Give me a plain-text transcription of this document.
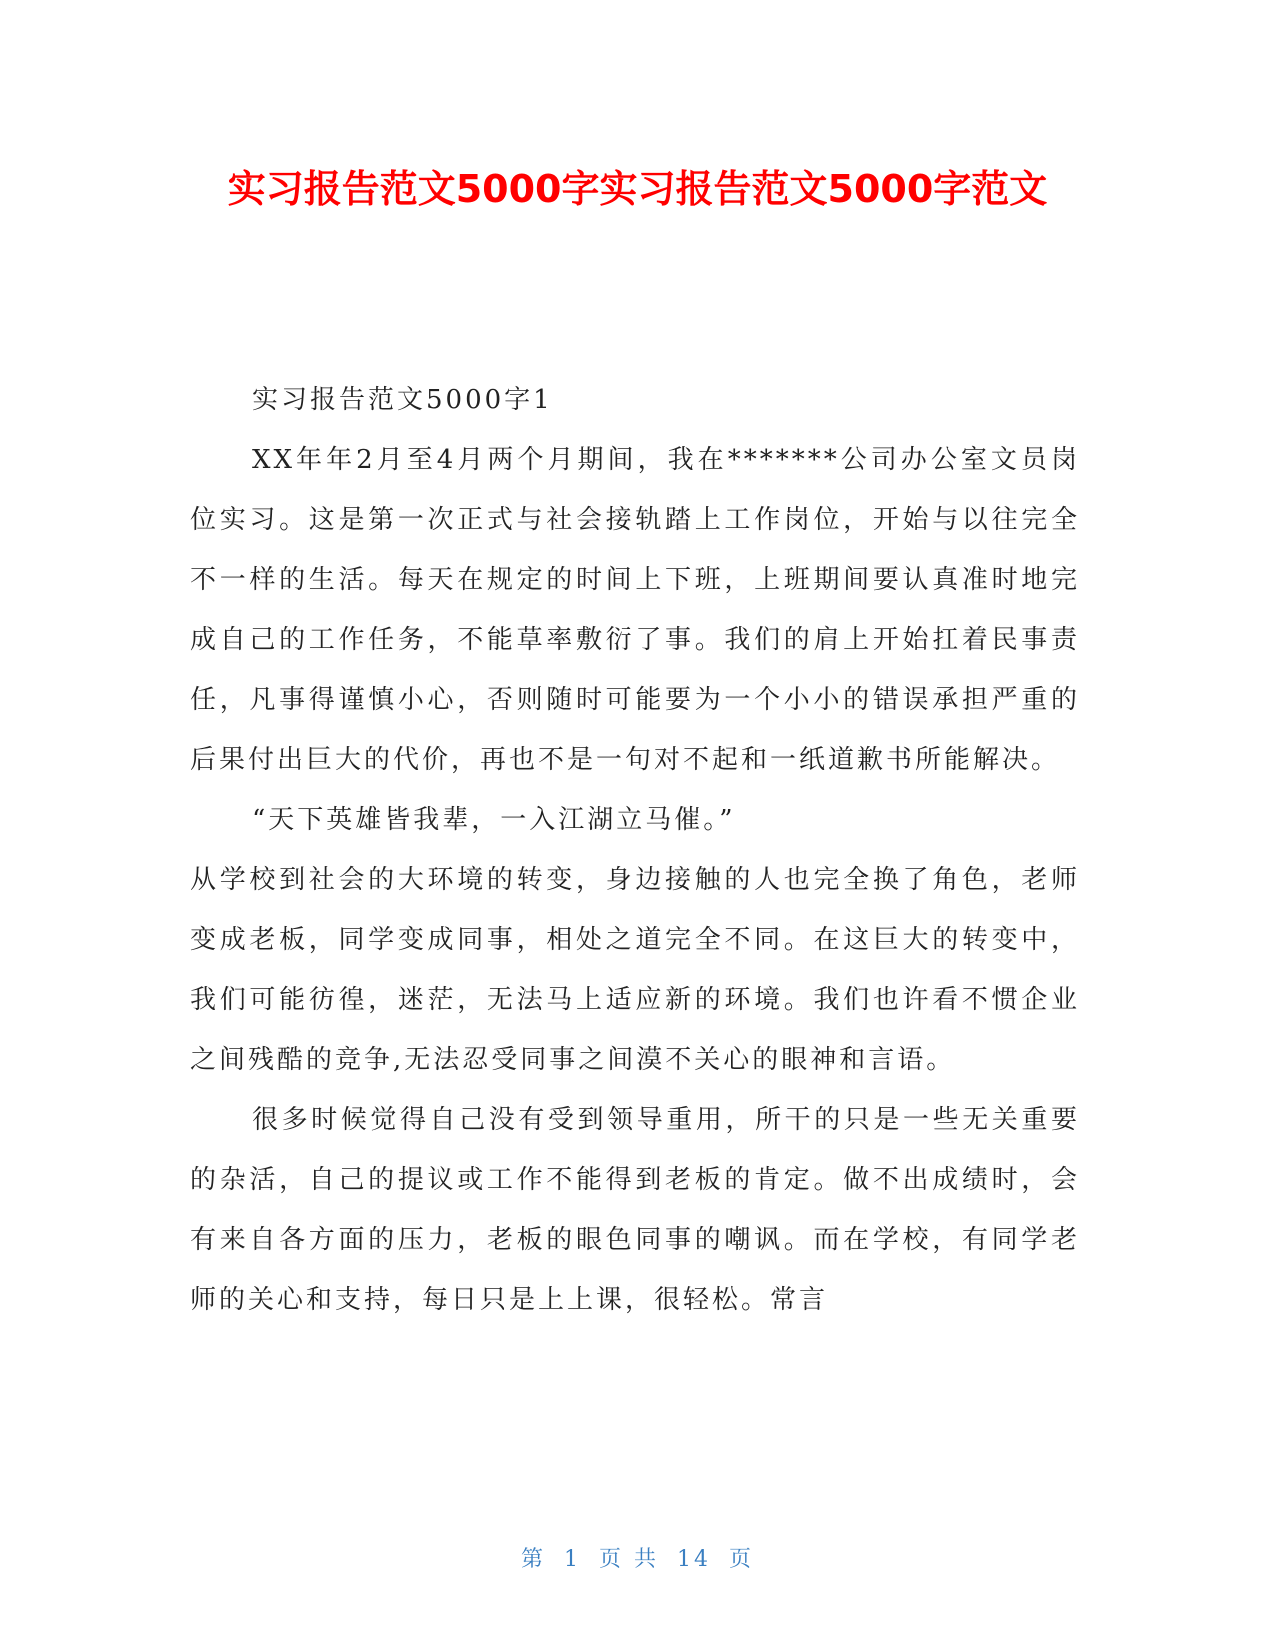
实习报告范文5000字实习报告范文5000字范文

实习报告范文5000字1

XX年年2月至4月两个月期间，我在*******公司办公室文员岗位实习。这是第一次正式与社会接轨踏上工作岗位，开始与以往完全不一样的生活。每天在规定的时间上下班，上班期间要认真准时地完成自己的工作任务，不能草率敷衍了事。我们的肩上开始扛着民事责任，凡事得谨慎小心，否则随时可能要为一个小小的错误承担严重的后果付出巨大的代价，再也不是一句对不起和一纸道歉书所能解决。

“天下英雄皆我辈，一入江湖立马催。”

从学校到社会的大环境的转变，身边接触的人也完全换了角色，老师变成老板，同学变成同事，相处之道完全不同。在这巨大的转变中，我们可能彷徨，迷茫，无法马上适应新的环境。我们也许看不惯企业之间残酷的竞争,无法忍受同事之间漠不关心的眼神和言语。

很多时候觉得自己没有受到领导重用，所干的只是一些无关重要的杂活，自己的提议或工作不能得到老板的肯定。做不出成绩时，会有来自各方面的压力，老板的眼色同事的嘲讽。而在学校，有同学老师的关心和支持，每日只是上上课，很轻松。常言

第 1 页 共 14 页
